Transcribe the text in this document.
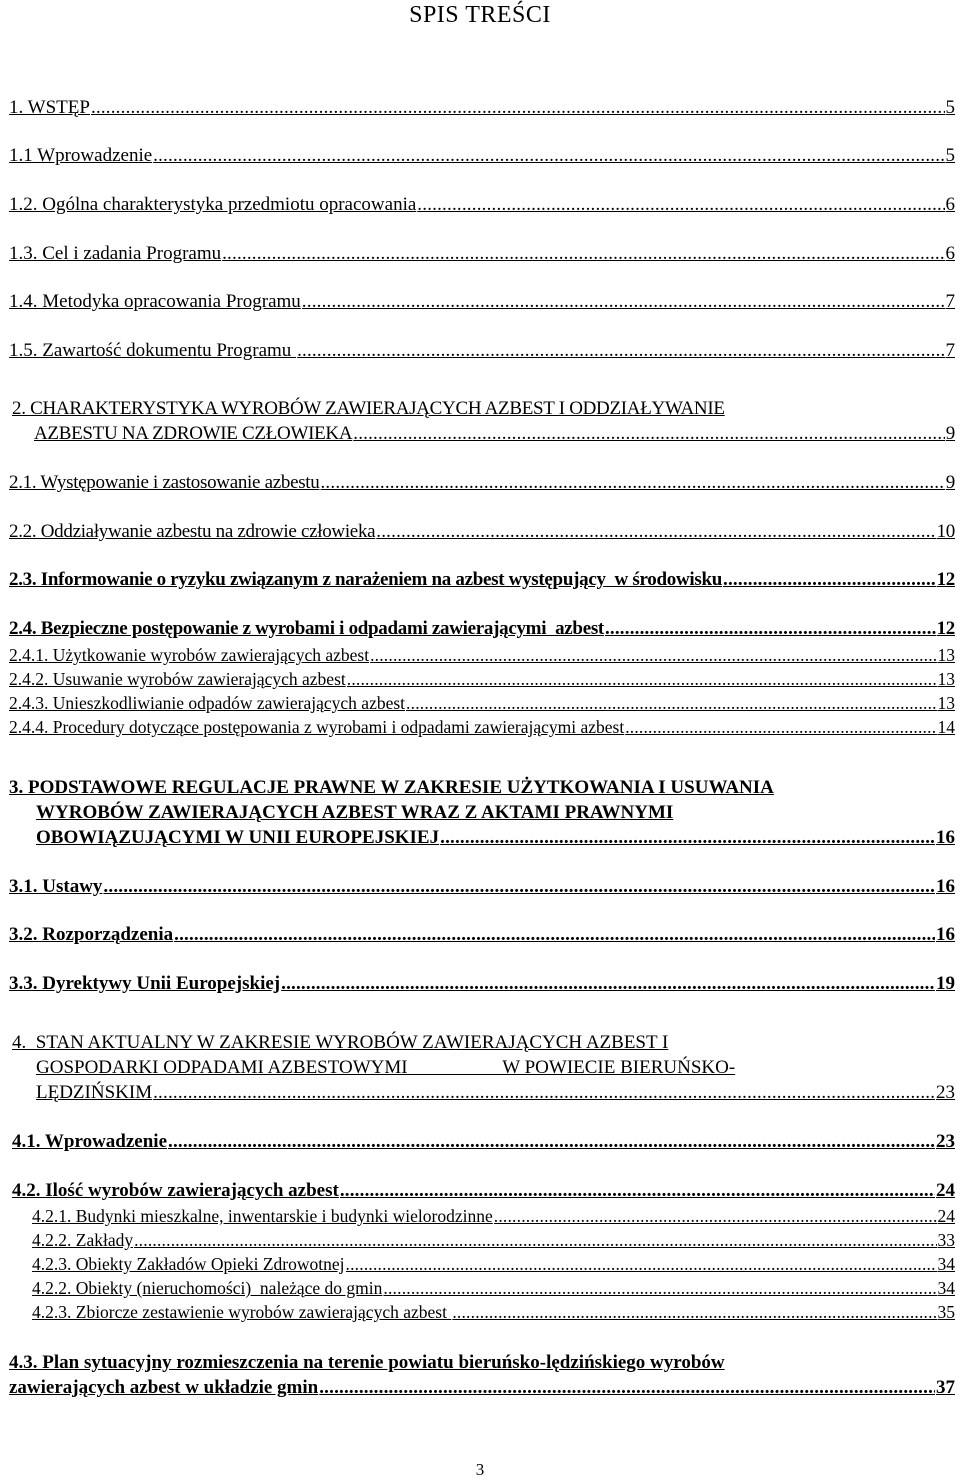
SPIS TREŚCI
1. WSTĘP .....	5
1.1 Wprowadzenie .....	5
1.2. Ogólna charakterystyka przedmiotu opracowania .....	6
1.3. Cel i zadania Programu .....	6
1.4. Metodyka opracowania Programu .....	7
1.5. Zawartość dokumentu Programu .....	7
2. CHARAKTERYSTYKA WYROBÓW ZAWIERAJĄCYCH AZBEST I ODDZIAŁYWANIE
AZBESTU NA ZDROWIE CZŁOWIEKA .....	9
2.1. Występowanie i zastosowanie azbestu .....	9
2.2. Oddziaływanie azbestu na zdrowie człowieka .....	10
2.3. Informowanie o ryzyku związanym z narażeniem na azbest występujący  w środowisku .....	12
2.4. Bezpieczne postępowanie z wyrobami i odpadami zawierającymi  azbest .....	12
2.4.1. Użytkowanie wyrobów zawierających azbest .....	13
2.4.2. Usuwanie wyrobów zawierających azbest .....	13
2.4.3. Unieszkodliwianie odpadów zawierających azbest .....	13
2.4.4. Procedury dotyczące postępowania z wyrobami i odpadami zawierającymi azbest .....	14
3. PODSTAWOWE REGULACJE PRAWNE W ZAKRESIE UŻYTKOWANIA I USUWANIA
WYROBÓW ZAWIERAJĄCYCH AZBEST WRAZ Z AKTAMI PRAWNYMI
OBOWIĄZUJĄCYMI W UNII EUROPEJSKIEJ .....	16
3.1. Ustawy .....	16
3.2. Rozporządzenia .....	16
3.3. Dyrektywy Unii Europejskiej .....	19
4.  STAN AKTUALNY W ZAKRESIE WYROBÓW ZAWIERAJĄCYCH AZBEST I
GOSPODARKI ODPADAMI AZBESTOWYMI                    W POWIECIE BIERUŃSKO-
LĘDZIŃSKIM .....	23
4.1. Wprowadzenie .....	23
4.2. Ilość wyrobów zawierających azbest .....	24
4.2.1. Budynki mieszkalne, inwentarskie i budynki wielorodzinne .....	24
4.2.2. Zakłady .....	33
4.2.3. Obiekty Zakładów Opieki Zdrowotnej .....	34
4.2.2. Obiekty (nieruchomości)  należące do gmin .....	34
4.2.3. Zbiorcze zestawienie wyrobów zawierających azbest .....	35
4.3. Plan sytuacyjny rozmieszczenia na terenie powiatu bieruńsko-lędzińskiego wyrobów
zawierających azbest w układzie gmin .....	37
3
